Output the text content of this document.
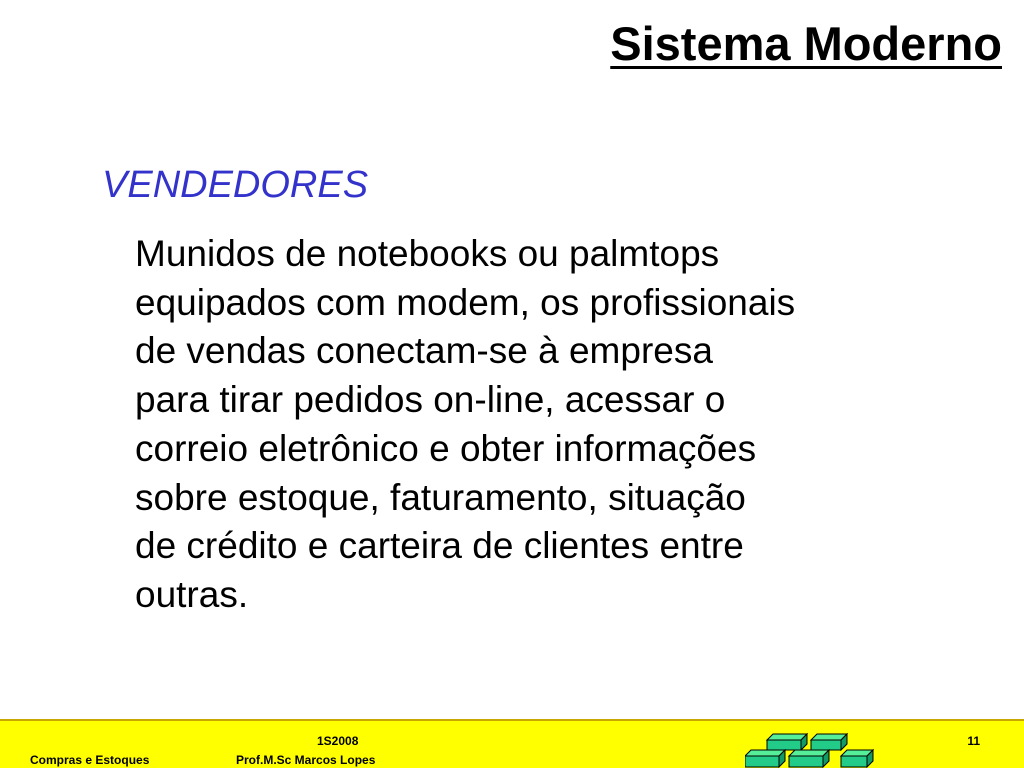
Sistema Moderno
VENDEDORES
Munidos de notebooks ou palmtops
equipados com modem, os profissionais
de vendas conectam-se à empresa
para tirar pedidos on-line, acessar o
correio eletrônico e obter informações
sobre estoque, faturamento, situação
de crédito e carteira de clientes entre
outras.
Compras e Estoques
1S2008
Prof.M.Sc Marcos Lopes
11
